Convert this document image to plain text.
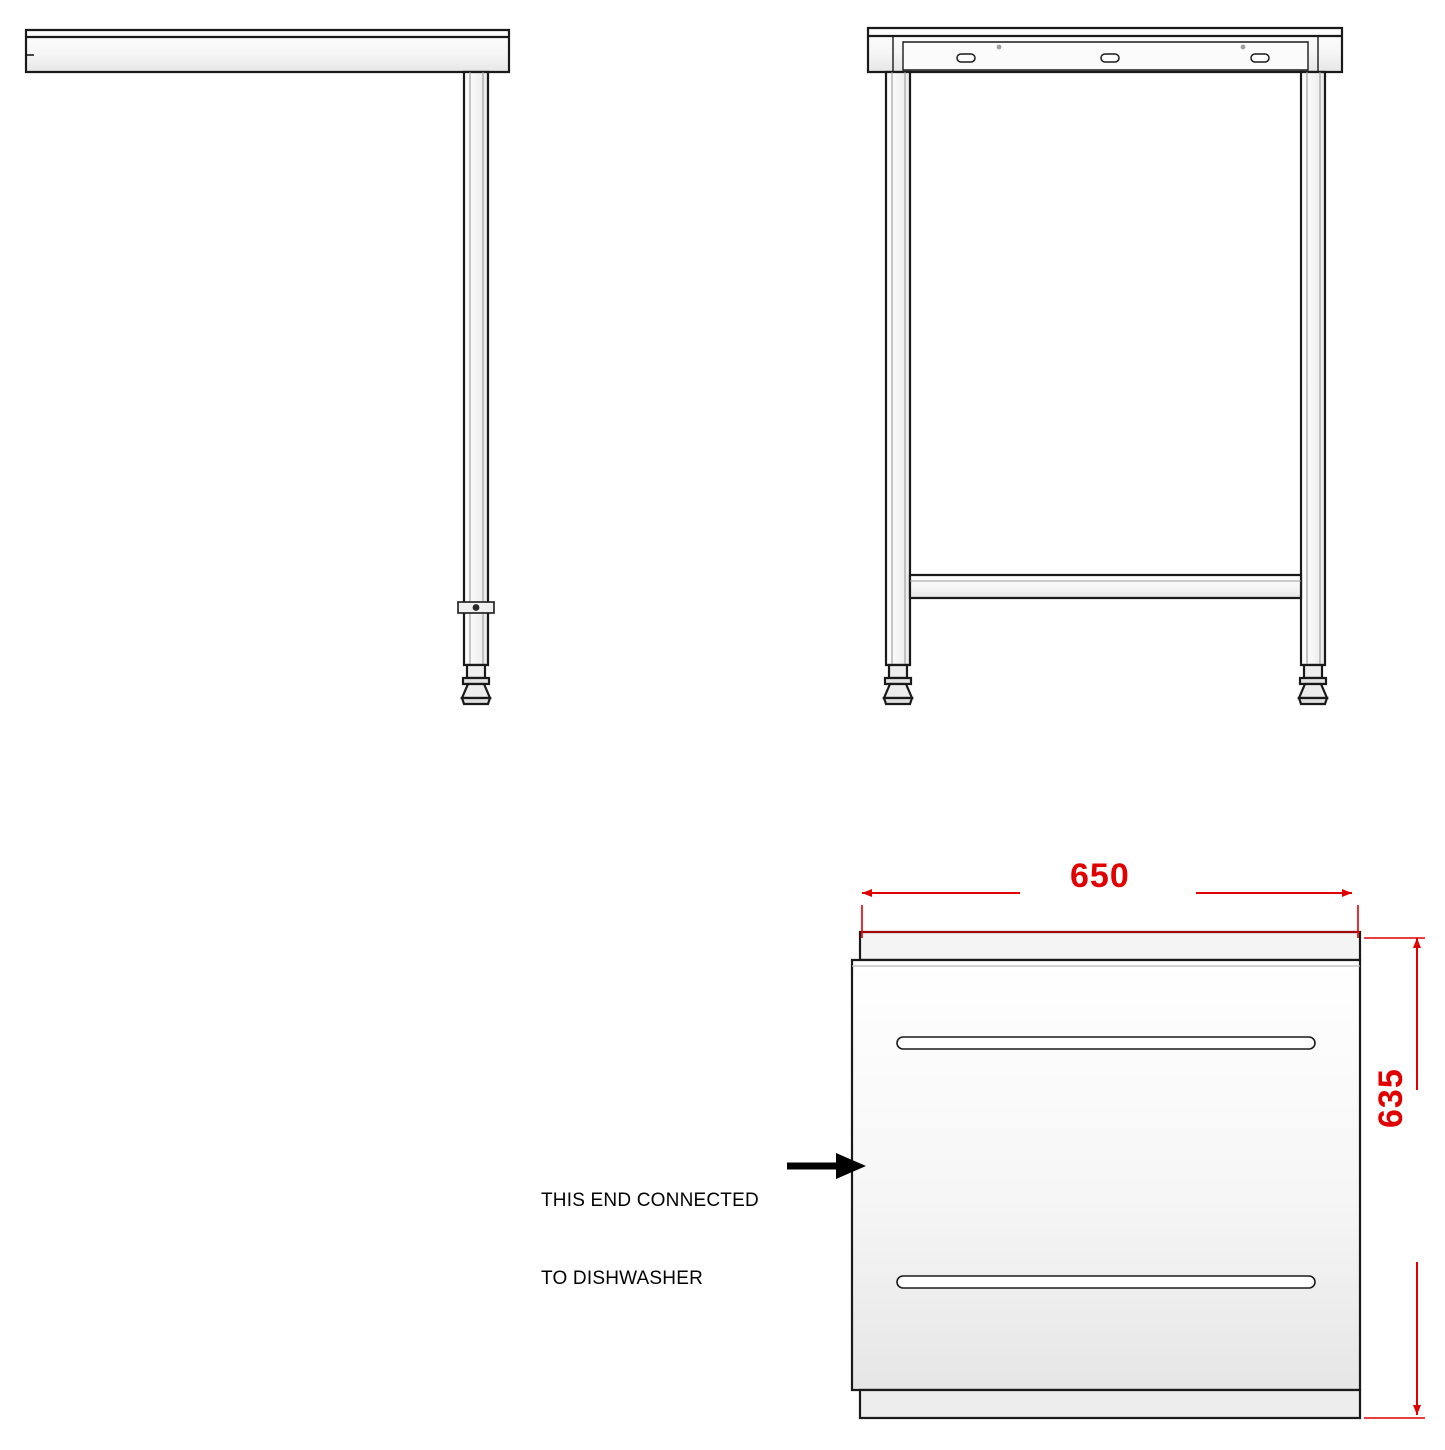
THIS END CONNECTED

TO DISHWASHER

650
635
